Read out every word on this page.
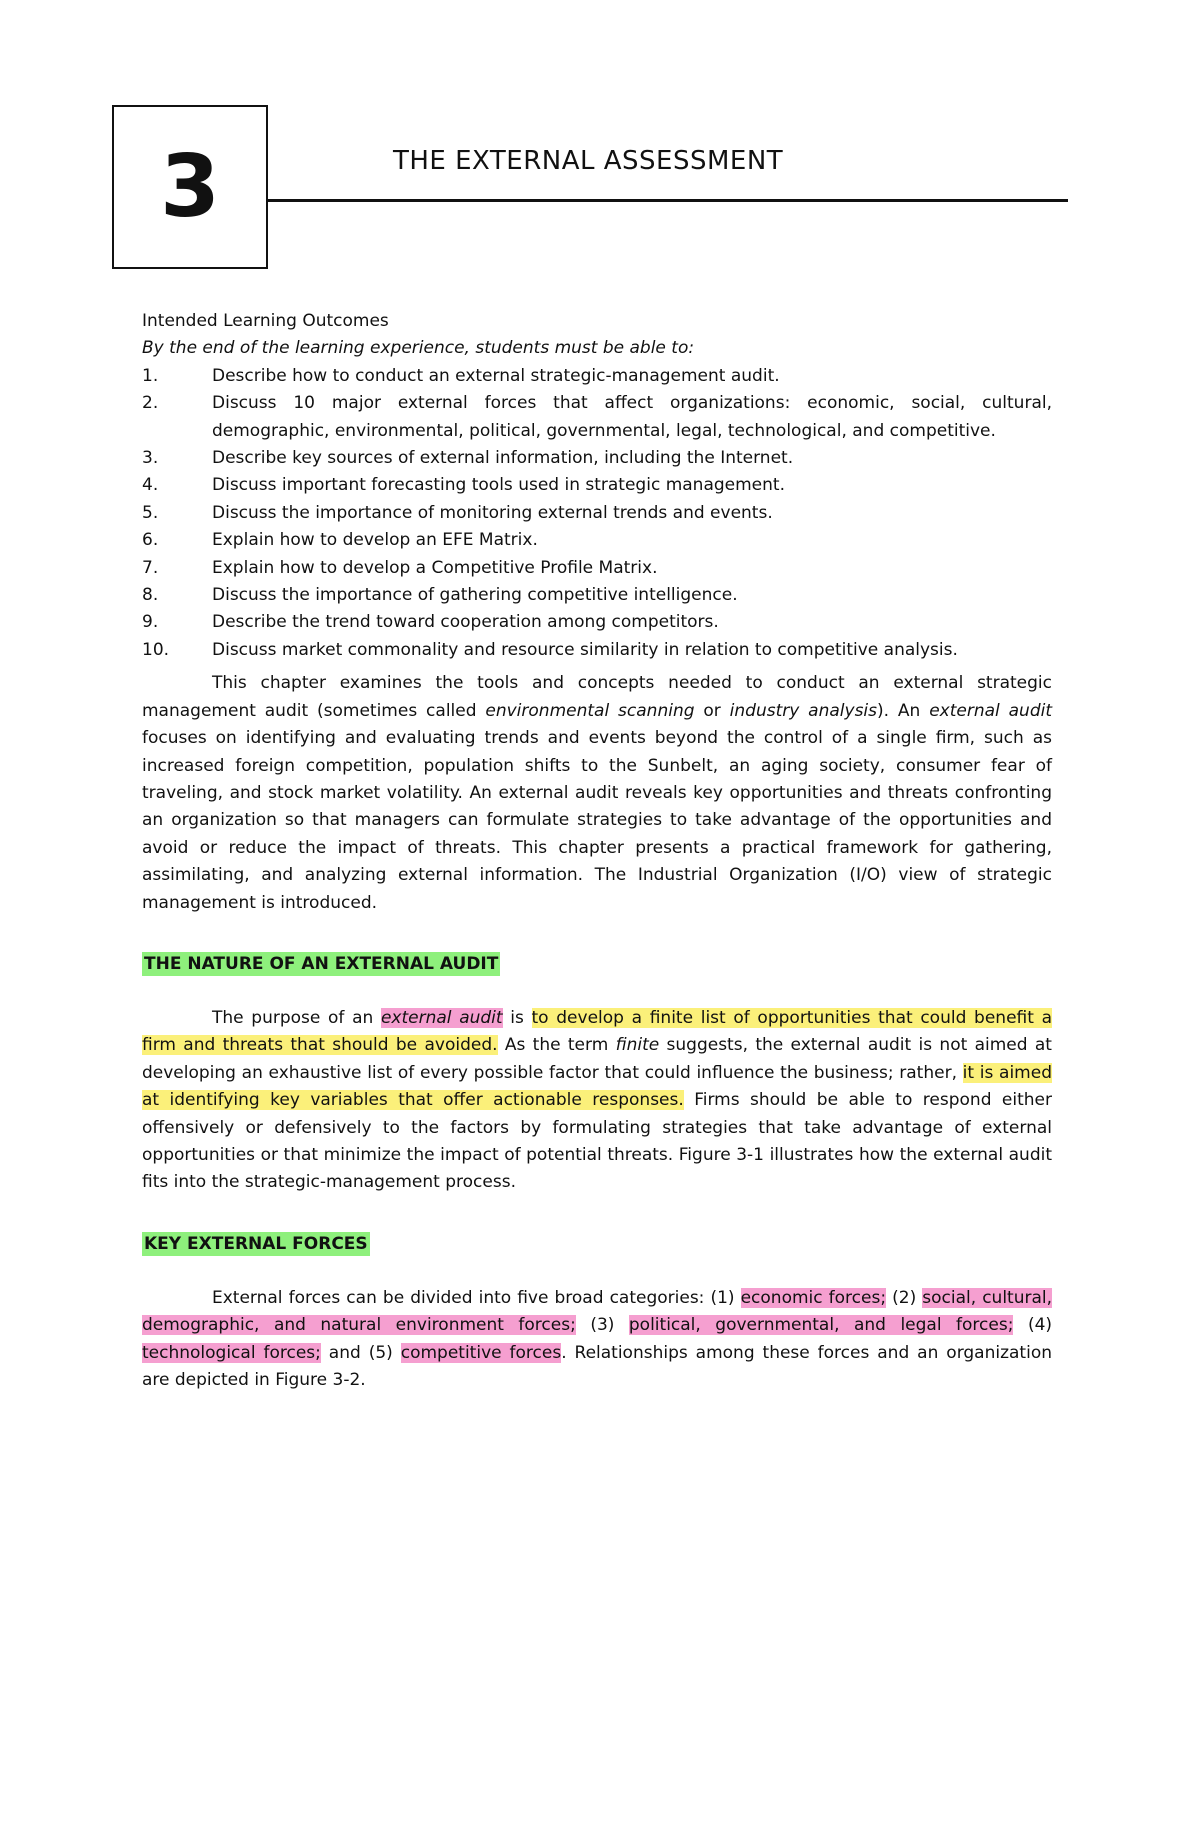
3	THE EXTERNAL ASSESSMENT
Intended Learning Outcomes
By the end of the learning experience, students must be able to:
1.	Describe how to conduct an external strategic-management audit.
2.	Discuss 10 major external forces that affect organizations: economic, social, cultural, demographic, environmental, political, governmental, legal, technological, and competitive.
3.	Describe key sources of external information, including the Internet.
4.	Discuss important forecasting tools used in strategic management.
5.	Discuss the importance of monitoring external trends and events.
6.	Explain how to develop an EFE Matrix.
7.	Explain how to develop a Competitive Profile Matrix.
8.	Discuss the importance of gathering competitive intelligence.
9.	Describe the trend toward cooperation among competitors.
10.	Discuss market commonality and resource similarity in relation to competitive analysis.

This chapter examines the tools and concepts needed to conduct an external strategic management audit (sometimes called environmental scanning or industry analysis). An external audit focuses on identifying and evaluating trends and events beyond the control of a single firm, such as increased foreign competition, population shifts to the Sunbelt, an aging society, consumer fear of traveling, and stock market volatility. An external audit reveals key opportunities and threats confronting an organization so that managers can formulate strategies to take advantage of the opportunities and avoid or reduce the impact of threats. This chapter presents a practical framework for gathering, assimilating, and analyzing external information. The Industrial Organization (I/O) view of strategic management is introduced.

THE NATURE OF AN EXTERNAL AUDIT

The purpose of an external audit is to develop a finite list of opportunities that could benefit a firm and threats that should be avoided. As the term finite suggests, the external audit is not aimed at developing an exhaustive list of every possible factor that could influence the business; rather, it is aimed at identifying key variables that offer actionable responses. Firms should be able to respond either offensively or defensively to the factors by formulating strategies that take advantage of external opportunities or that minimize the impact of potential threats. Figure 3-1 illustrates how the external audit fits into the strategic-management process.

KEY EXTERNAL FORCES

External forces can be divided into five broad categories: (1) economic forces; (2) social, cultural, demographic, and natural environment forces; (3) political, governmental, and legal forces; (4) technological forces; and (5) competitive forces. Relationships among these forces and an organization are depicted in Figure 3-2.
